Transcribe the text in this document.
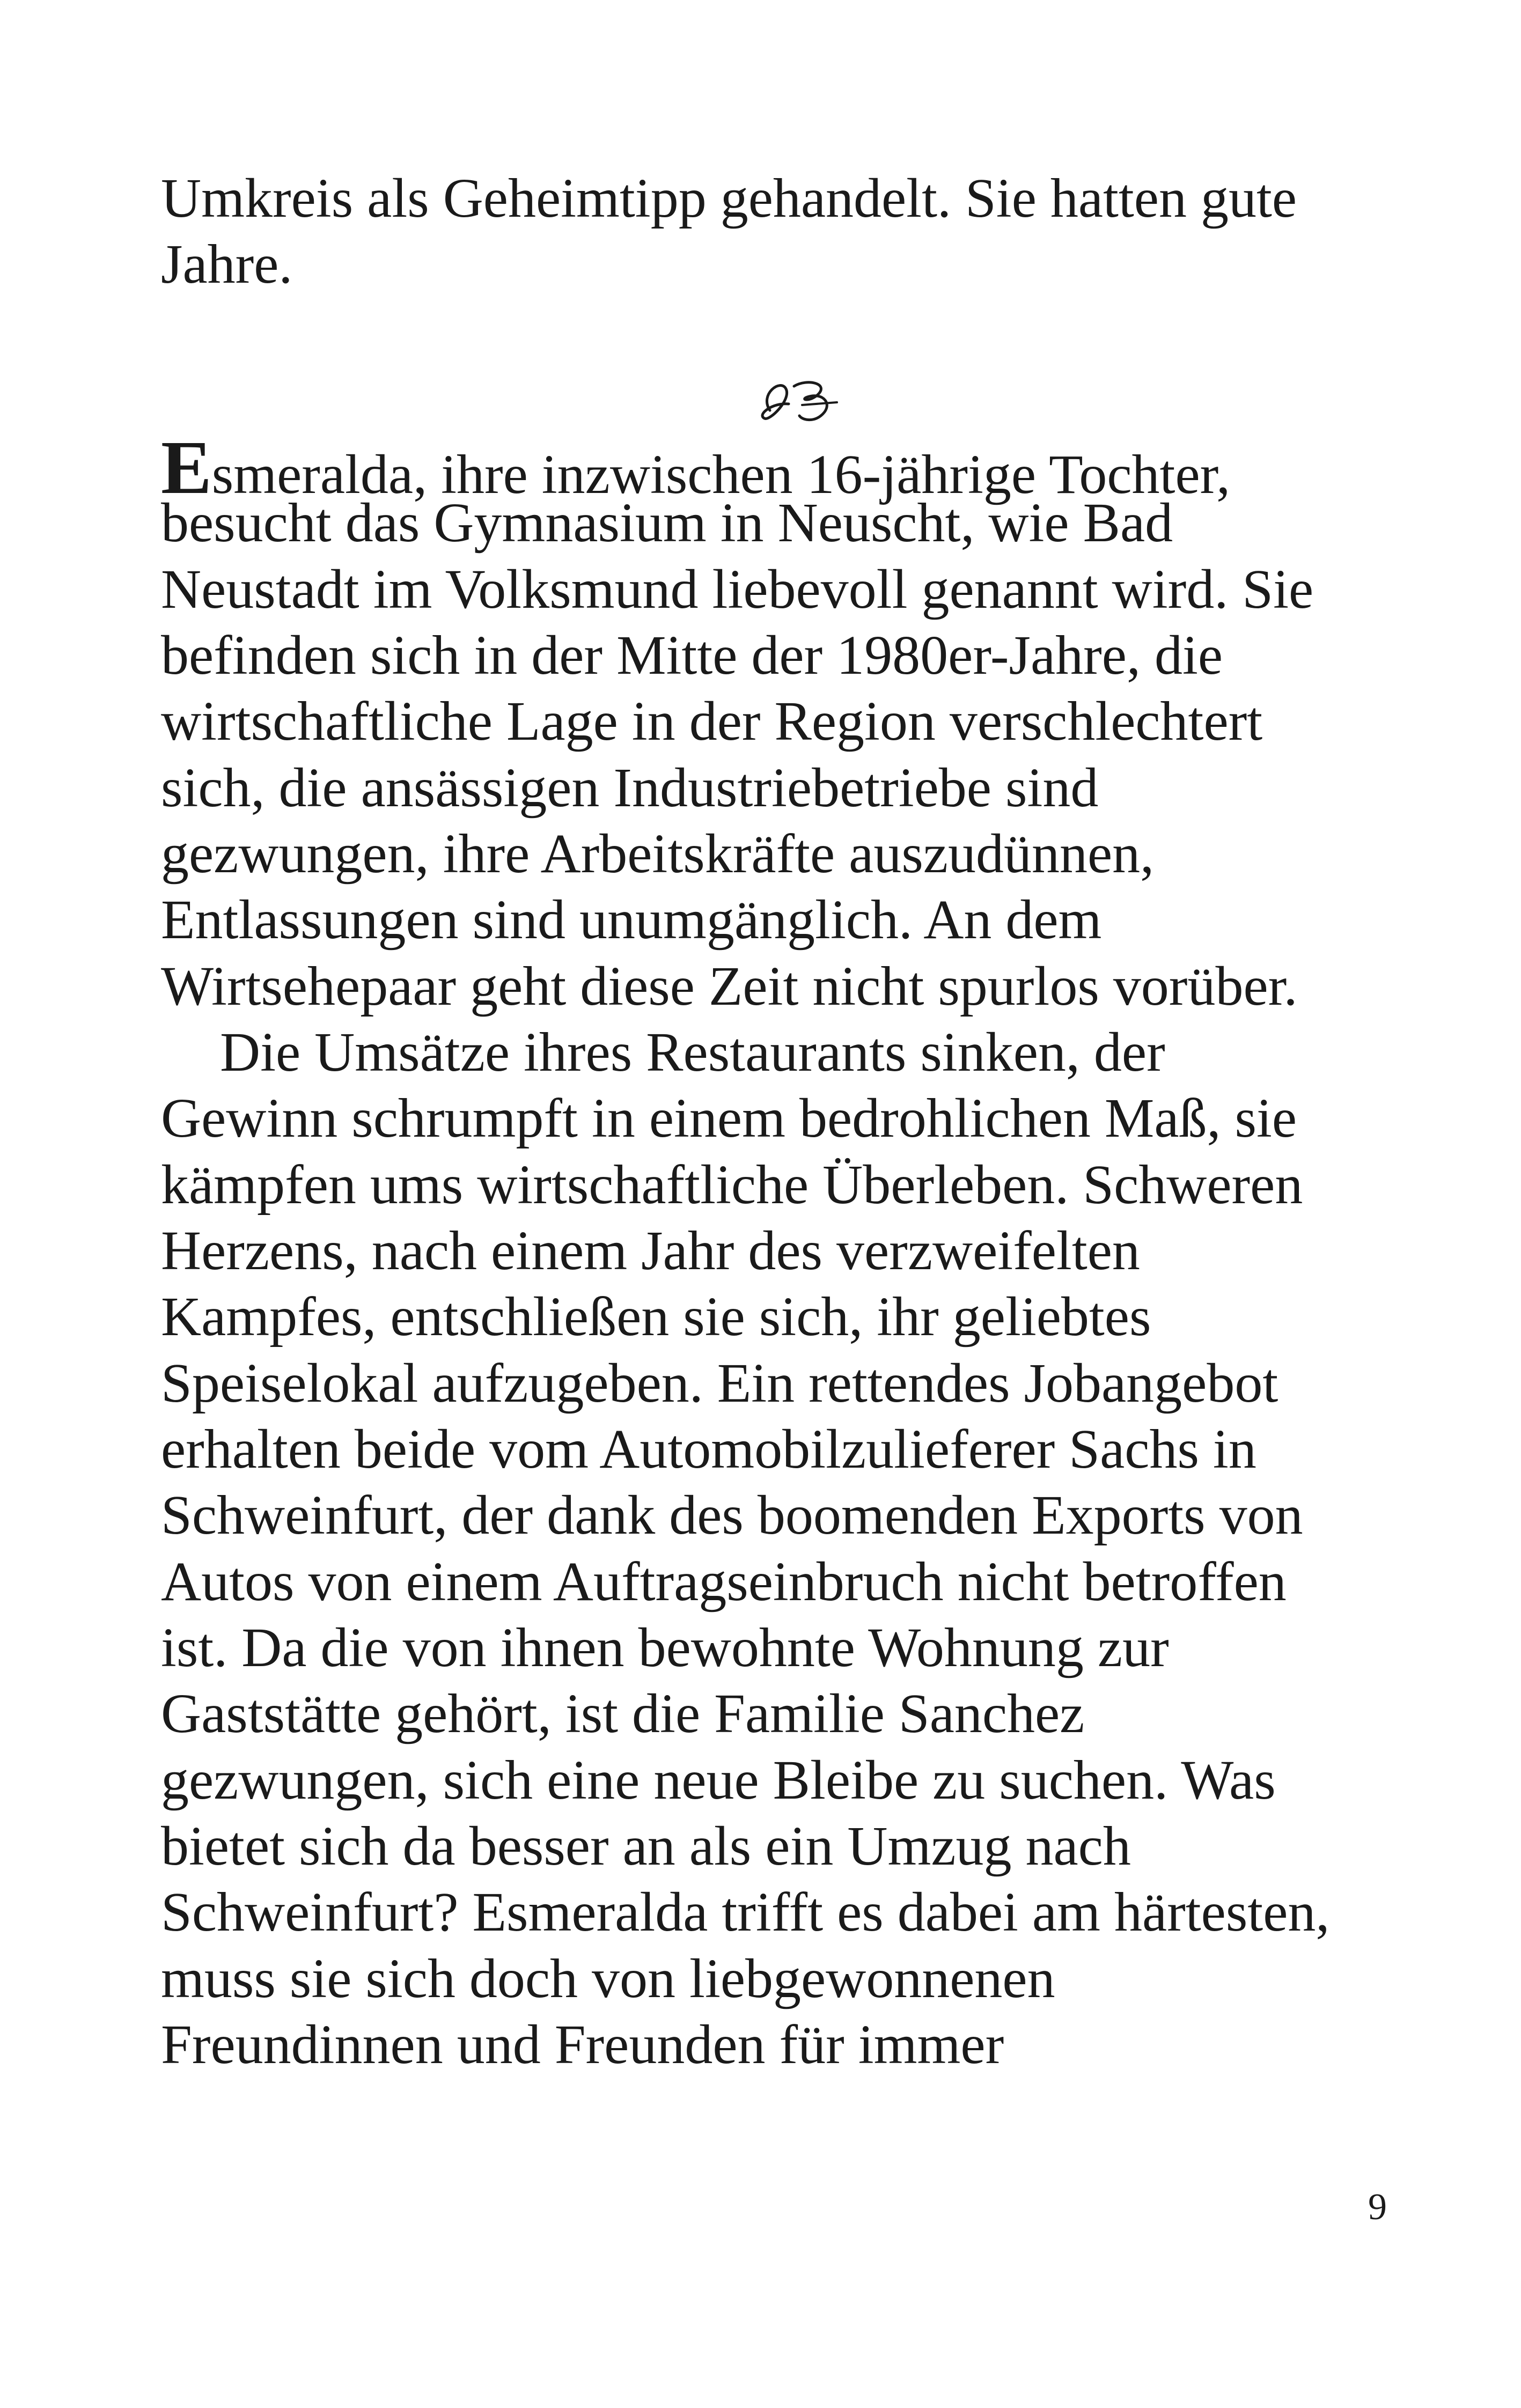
Umkreis als Geheimtipp gehandelt. Sie hatten gute
Jahre.
Esmeralda, ihre inzwischen 16-jährige Tochter,
besucht das Gymnasium in Neuscht, wie Bad
Neustadt im Volksmund liebevoll genannt wird. Sie
befinden sich in der Mitte der 1980er-Jahre, die
wirtschaftliche Lage in der Region verschlechtert
sich, die ansässigen Industriebetriebe sind
gezwungen, ihre Arbeitskräfte auszudünnen,
Entlassungen sind unumgänglich. An dem
Wirtsehepaar geht diese Zeit nicht spurlos vorüber.
Die Umsätze ihres Restaurants sinken, der
Gewinn schrumpft in einem bedrohlichen Maß, sie
kämpfen ums wirtschaftliche Überleben. Schweren
Herzens, nach einem Jahr des verzweifelten
Kampfes, entschließen sie sich, ihr geliebtes
Speiselokal aufzugeben. Ein rettendes Jobangebot
erhalten beide vom Automobilzulieferer Sachs in
Schweinfurt, der dank des boomenden Exports von
Autos von einem Auftragseinbruch nicht betroffen
ist. Da die von ihnen bewohnte Wohnung zur
Gaststätte gehört, ist die Familie Sanchez
gezwungen, sich eine neue Bleibe zu suchen. Was
bietet sich da besser an als ein Umzug nach
Schweinfurt? Esmeralda trifft es dabei am härtesten,
muss sie sich doch von liebgewonnenen
Freundinnen und Freunden für immer
9
